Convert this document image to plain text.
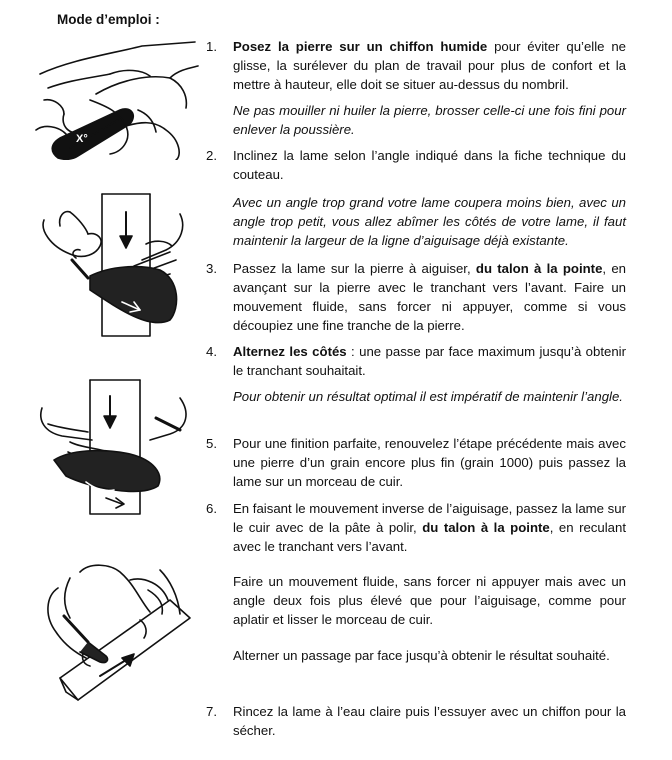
Mode d’emploi :
X°
1.	Posez la pierre sur un chiffon humide pour éviter qu’elle ne glisse, la surélever du plan de travail pour plus de confort et la mettre à hauteur, elle doit se situer au-dessus du nombril.
Ne pas mouiller ni huiler la pierre, brosser celle-ci une fois fini pour enlever la poussière.
2.	Inclinez la lame selon l’angle indiqué dans la fiche technique du couteau.
Avec un angle trop grand votre lame coupera moins bien, avec un angle trop petit, vous allez abîmer les côtés de votre lame, il faut maintenir la largeur de la ligne d’aiguisage déjà existante.
3.	Passez la lame sur la pierre à aiguiser, du talon à la pointe, en avançant sur la pierre avec le tranchant vers l’avant. Faire un mouvement fluide, sans forcer ni appuyer, comme si vous découpiez une fine tranche de la pierre.
4.	Alternez les côtés : une passe par face maximum jusqu’à obtenir le tranchant souhaitait.
Pour obtenir un résultat optimal il est impératif de maintenir l’angle.
5.	Pour une finition parfaite, renouvelez l’étape précédente mais avec une pierre d’un grain encore plus fin (grain 1000) puis passez la lame sur un morceau de cuir.
6.	En faisant le mouvement inverse de l’aiguisage, passez la lame sur le cuir avec de la pâte à polir, du talon à la pointe, en reculant avec le tranchant vers l’avant.
Faire un mouvement fluide, sans forcer ni appuyer mais avec un angle deux fois plus élevé que pour l’aiguisage, comme pour aplatir et lisser le morceau de cuir.
Alterner un passage par face jusqu’à obtenir le résultat souhaité.
7.	Rincez la lame à l’eau claire puis l’essuyer avec un chiffon pour la sécher.
